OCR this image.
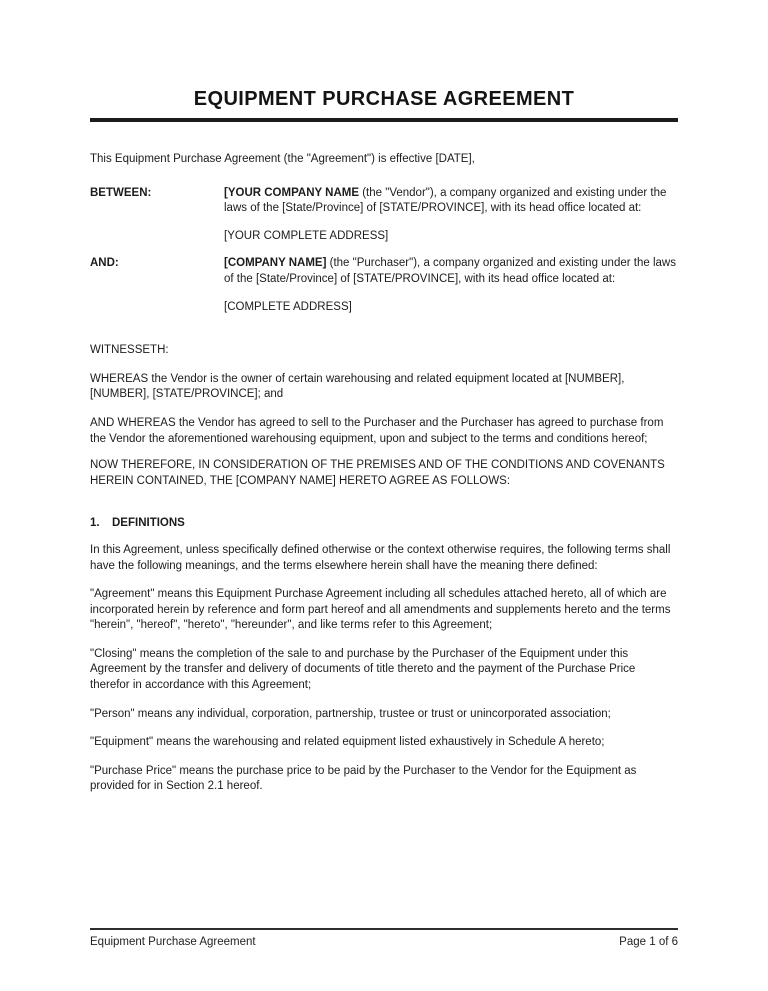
EQUIPMENT PURCHASE AGREEMENT

This Equipment Purchase Agreement (the "Agreement") is effective [DATE],

BETWEEN:	[YOUR COMPANY NAME (the "Vendor"), a company organized and existing under the laws of the [State/Province] of [STATE/PROVINCE], with its head office located at:
[YOUR COMPLETE ADDRESS]
AND:	[COMPANY NAME] (the "Purchaser"), a company organized and existing under the laws of the [State/Province] of [STATE/PROVINCE], with its head office located at:
[COMPLETE ADDRESS]

WITNESSETH:

WHEREAS the Vendor is the owner of certain warehousing and related equipment located at [NUMBER], [NUMBER], [STATE/PROVINCE]; and

AND WHEREAS the Vendor has agreed to sell to the Purchaser and the Purchaser has agreed to purchase from the Vendor the aforementioned warehousing equipment, upon and subject to the terms and conditions hereof;

NOW THEREFORE, IN CONSIDERATION OF THE PREMISES AND OF THE CONDITIONS AND COVENANTS HEREIN CONTAINED, THE [COMPANY NAME] HERETO AGREE AS FOLLOWS:

1.	DEFINITIONS

In this Agreement, unless specifically defined otherwise or the context otherwise requires, the following terms shall have the following meanings, and the terms elsewhere herein shall have the meaning there defined:

"Agreement" means this Equipment Purchase Agreement including all schedules attached hereto, all of which are incorporated herein by reference and form part hereof and all amendments and supplements hereto and the terms "herein", "hereof", "hereto", "hereunder", and like terms refer to this Agreement;

"Closing" means the completion of the sale to and purchase by the Purchaser of the Equipment under this Agreement by the transfer and delivery of documents of title thereto and the payment of the Purchase Price therefor in accordance with this Agreement;

"Person" means any individual, corporation, partnership, trustee or trust or unincorporated association;

"Equipment" means the warehousing and related equipment listed exhaustively in Schedule A hereto;

"Purchase Price" means the purchase price to be paid by the Purchaser to the Vendor for the Equipment as provided for in Section 2.1 hereof.

Equipment Purchase Agreement	Page 1 of 6
